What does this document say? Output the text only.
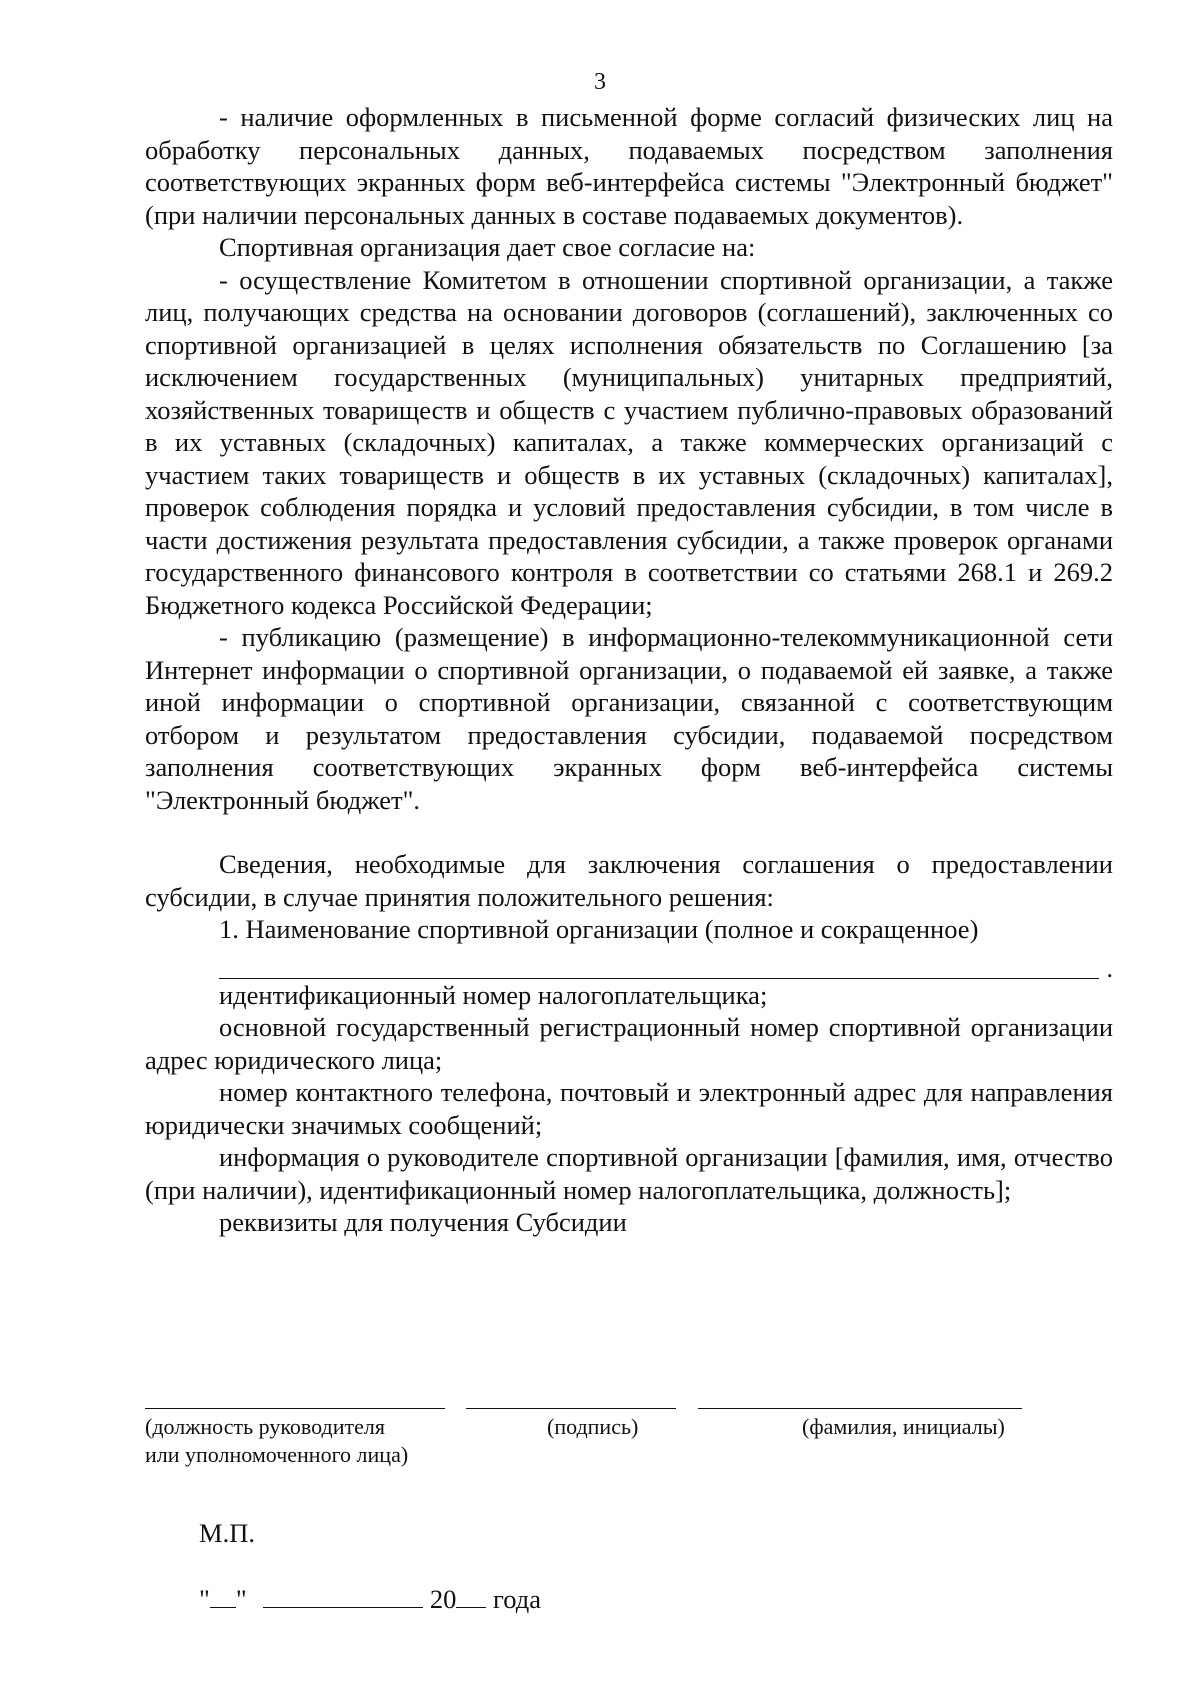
3

- наличие оформленных в письменной форме согласий физических лиц на обработку персональных данных, подаваемых посредством заполнения соответствующих экранных форм веб-интерфейса системы "Электронный бюджет" (при наличии персональных данных в составе подаваемых документов).

Спортивная организация дает свое согласие на:

- осуществление Комитетом в отношении спортивной организации, а также лиц, получающих средства на основании договоров (соглашений), заключенных со спортивной организацией в целях исполнения обязательств по Соглашению [за исключением государственных (муниципальных) унитарных предприятий, хозяйственных товариществ и обществ с участием публично-правовых образований в их уставных (складочных) капиталах, а также коммерческих организаций с участием таких товариществ и обществ в их уставных (складочных) капиталах], проверок соблюдения порядка и условий предоставления субсидии, в том числе в части достижения результата предоставления субсидии, а также проверок органами государственного финансового контроля в соответствии со статьями 268.1 и 269.2 Бюджетного кодекса Российской Федерации;

- публикацию (размещение) в информационно-телекоммуникационной сети Интернет информации о спортивной организации, о подаваемой ей заявке, а также иной информации о спортивной организации, связанной с соответствующим отбором и результатом предоставления субсидии, подаваемой посредством заполнения соответствующих экранных форм веб-интерфейса системы "Электронный бюджет".

Сведения, необходимые для заключения соглашения о предоставлении субсидии, в случае принятия положительного решения:

1. Наименование спортивной организации (полное и сокращенное)

.

идентификационный номер налогоплательщика;

основной государственный регистрационный номер спортивной организации адрес юридического лица;

номер контактного телефона, почтовый и электронный адрес для направления юридически значимых сообщений;

информация о руководителе спортивной организации [фамилия, имя, отчество (при наличии), идентификационный номер налогоплательщика, должность];

реквизиты для получения Субсидии

(должность руководителя
или уполномоченного лица)
(подпись)	(фамилия, инициалы)
М.П.
" "	20 года
